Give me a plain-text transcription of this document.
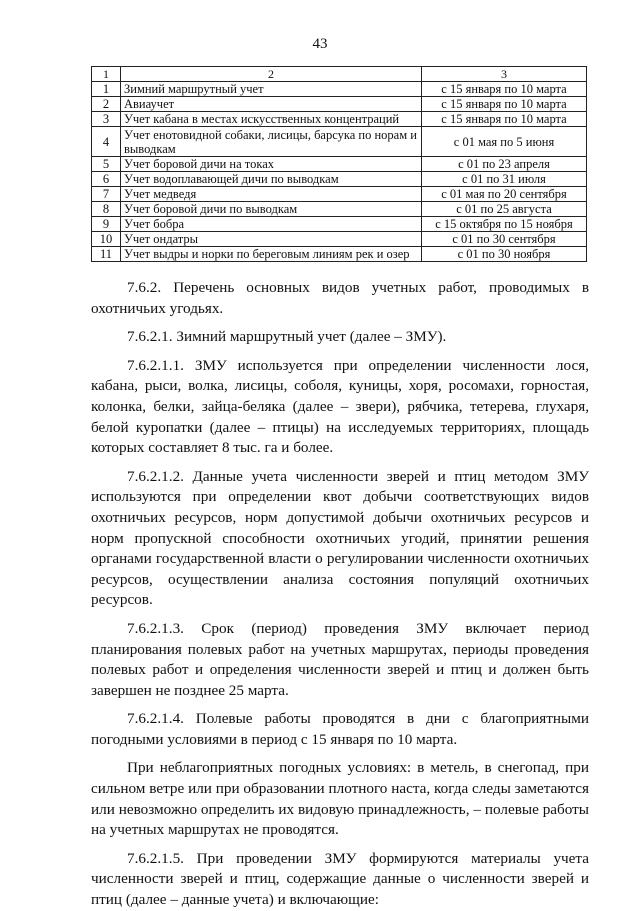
43
1	2	3
1	Зимний маршрутный учет	с 15 января по 10 марта
2	Авиаучет	с 15 января по 10 марта
3	Учет кабана в местах искусственных концентраций	с 15 января по 10 марта
4	Учет енотовидной собаки, лисицы, барсука по норам и выводкам	с 01 мая по 5 июня
5	Учет боровой дичи на токах	с 01 по 23 апреля
6	Учет водоплавающей дичи по выводкам	с 01 по 31 июля
7	Учет медведя	с 01 мая по 20 сентября
8	Учет боровой дичи по выводкам	с 01 по 25 августа
9	Учет бобра	с 15 октября по 15 ноября
10	Учет ондатры	с 01 по 30 сентября
11	Учет выдры и норки по береговым линиям рек и озер	с 01 по 30 ноября

7.6.2. Перечень основных видов учетных работ, проводимых в охотничьих угодьях.

7.6.2.1. Зимний маршрутный учет (далее – ЗМУ).

7.6.2.1.1. ЗМУ используется при определении численности лося, кабана, рыси, волка, лисицы, соболя, куницы, хоря, росомахи, горностая, колонка, белки, зайца-беляка (далее – звери), рябчика, тетерева, глухаря, белой куропатки (далее – птицы) на исследуемых территориях, площадь которых составляет 8 тыс. га и более.

7.6.2.1.2. Данные учета численности зверей и птиц методом ЗМУ используются при определении квот добычи соответствующих видов охотничьих ресурсов, норм допустимой добычи охотничьих ресурсов и норм пропускной способности охотничьих угодий, принятии решения органами государственной власти о регулировании численности охотничьих ресурсов, осуществлении анализа состояния популяций охотничьих ресурсов.

7.6.2.1.3. Срок (период) проведения ЗМУ включает период планирования полевых работ на учетных маршрутах, периоды проведения полевых работ и определения численности зверей и птиц и должен быть завершен не позднее 25 марта.

7.6.2.1.4. Полевые работы проводятся в дни с благоприятными погодными условиями в период с 15 января по 10 марта.

При неблагоприятных погодных условиях: в метель, в снегопад, при сильном ветре или при образовании плотного наста, когда следы заметаются или невозможно определить их видовую принадлежность, – полевые работы на учетных маршрутах не проводятся.

7.6.2.1.5. При проведении ЗМУ формируются материалы учета численности зверей и птиц, содержащие данные о численности зверей и птиц (далее – данные учета) и включающие:
